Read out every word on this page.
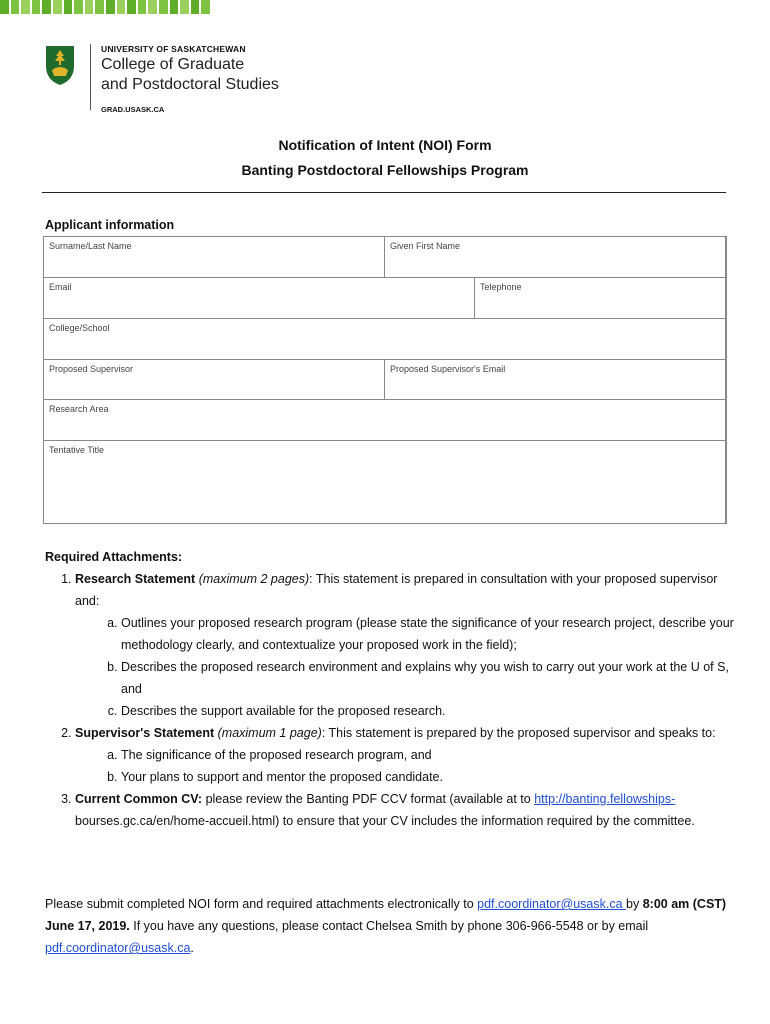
UNIVERSITY OF SASKATCHEWAN
College of Graduate
and Postdoctoral Studies
GRAD.USASK.CA
Notification of Intent (NOI) Form
Banting Postdoctoral Fellowships Program
Applicant information
Surname/Last Name	Given First Name
Email	Telephone
College/School
Proposed Supervisor	Proposed Supervisor's Email
Research Area
Tentative Title
Required Attachments:
1. Research Statement (maximum 2 pages): This statement is prepared in consultation with your proposed supervisor and:
a. Outlines your proposed research program (please state the significance of your research project, describe your methodology clearly, and contextualize your proposed work in the field);
b. Describes the proposed research environment and explains why you wish to carry out your work at the U of S, and
c. Describes the support available for the proposed research.
2. Supervisor's Statement (maximum 1 page): This statement is prepared by the proposed supervisor and speaks to:
a. The significance of the proposed research program, and
b. Your plans to support and mentor the proposed candidate.
3. Current Common CV: please review the Banting PDF CCV format (available at to http://banting.fellowships- bourses.gc.ca/en/home-accueil.html) to ensure that your CV includes the information required by the committee.
Please submit completed NOI form and required attachments electronically to pdf.coordinator@usask.ca by 8:00 am (CST) June 17, 2019. If you have any questions, please contact Chelsea Smith by phone 306-966-5548 or by email pdf.coordinator@usask.ca.
